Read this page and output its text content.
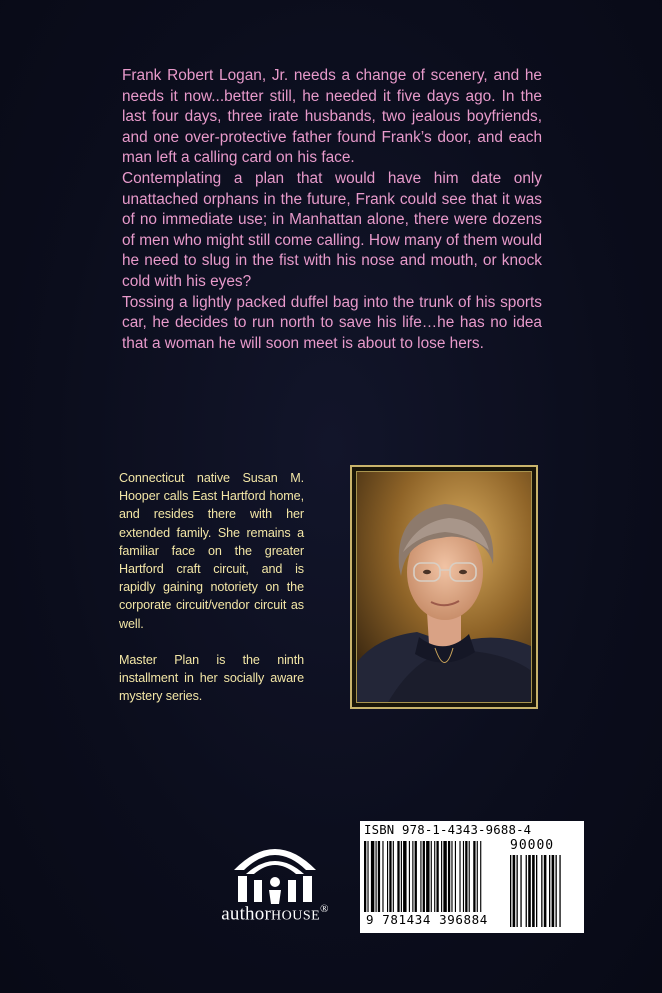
Frank Robert Logan, Jr. needs a change of scenery, and he needs it now...better still, he needed it five days ago. In the last four days, three irate husbands, two jealous boyfriends, and one over-protective father found Frank’s door, and each man left a calling card on his face.

Contemplating a plan that would have him date only unattached orphans in the future, Frank could see that it was of no immediate use; in Manhattan alone, there were dozens of men who might still come calling. How many of them would he need to slug in the fist with his nose and mouth, or knock cold with his eyes?

Tossing a lightly packed duffel bag into the trunk of his sports car, he decides to run north to save his life…he has no idea that a woman he will soon meet is about to lose hers.

Connecticut native Susan M. Hooper calls East Hartford home, and resides there with her extended family. She remains a familiar face on the greater Hartford craft circuit, and is rapidly gaining notoriety on the corporate circuit/vendor circuit as well.

Master Plan is the ninth installment in her socially aware mystery series.

authorHOUSE®
ISBN 978-1-4343-9688-4
90000
9 781434 396884
